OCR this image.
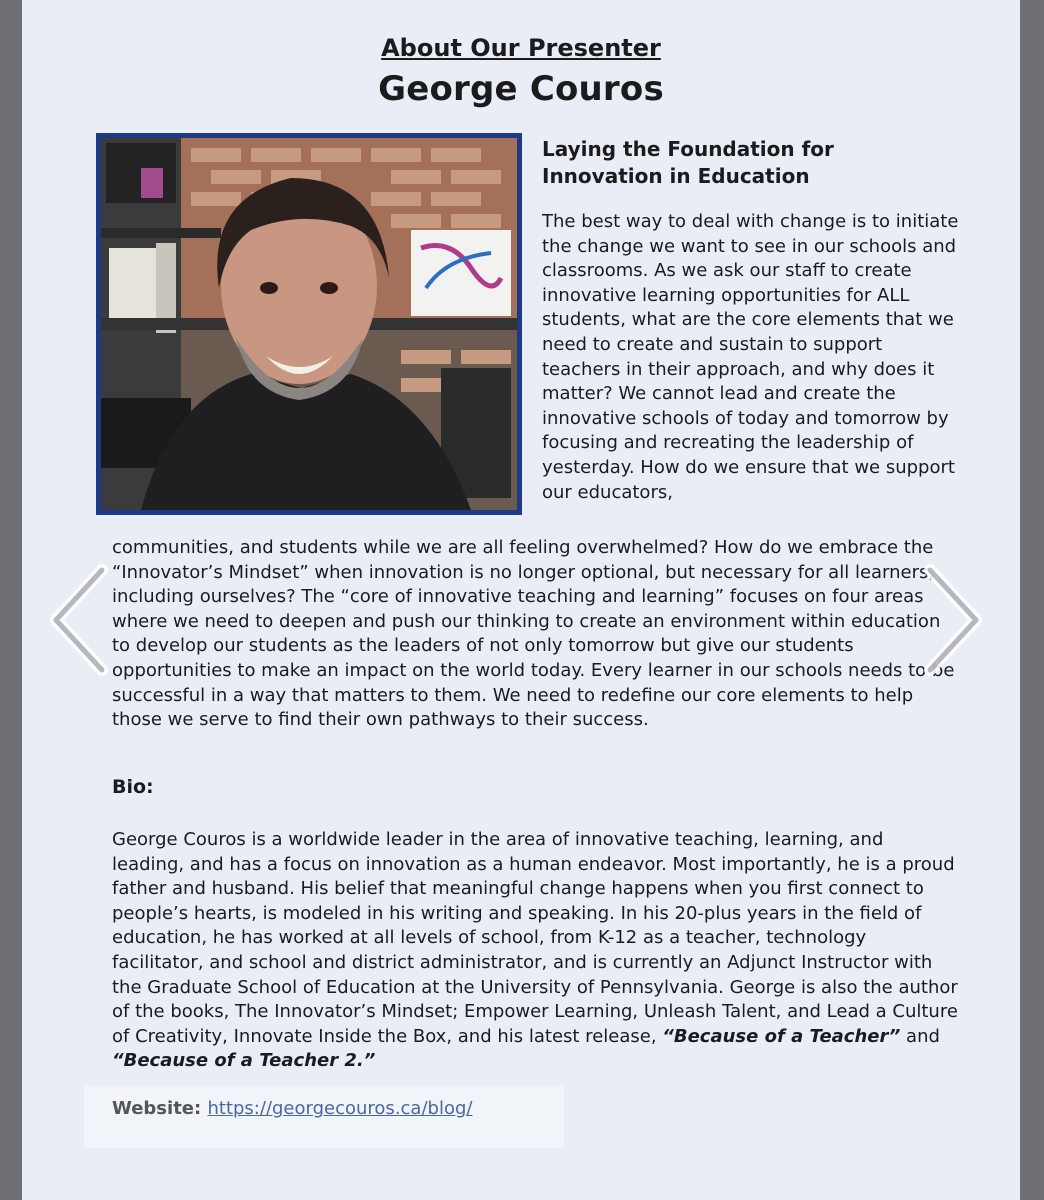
About Our Presenter
George Couros
Laying the Foundation for
Innovation in Education

The best way to deal with change is to initiate the change we want to see in our schools and classrooms. As we ask our staff to create innovative learning opportunities for ALL students, what are the core elements that we need to create and sustain to support teachers in their approach, and why does it matter? We cannot lead and create the innovative schools of today and tomorrow by focusing and recreating the leadership of yesterday. How do we ensure that we support our educators,

communities, and students while we are all feeling overwhelmed? How do we embrace the “Innovator’s Mindset” when innovation is no longer optional, but necessary for all learners, including ourselves? The “core of innovative teaching and learning” focuses on four areas where we need to deepen and push our thinking to create an environment within education to develop our students as the leaders of not only tomorrow but give our students opportunities to make an impact on the world today. Every learner in our schools needs to be successful in a way that matters to them. We need to redefine our core elements to help those we serve to find their own pathways to their success.

Bio:

George Couros is a worldwide leader in the area of innovative teaching, learning, and leading, and has a focus on innovation as a human endeavor. Most importantly, he is a proud father and husband. His belief that meaningful change happens when you first connect to people’s hearts, is modeled in his writing and speaking. In his 20-plus years in the field of education, he has worked at all levels of school, from K-12 as a teacher, technology facilitator, and school and district administrator, and is currently an Adjunct Instructor with the Graduate School of Education at the University of Pennsylvania. George is also the author of the books, The Innovator’s Mindset; Empower Learning, Unleash Talent, and Lead a Culture of Creativity, Innovate Inside the Box, and his latest release, “Because of a Teacher” and “Because of a Teacher 2.”

Website: https://georgecouros.ca/blog/
